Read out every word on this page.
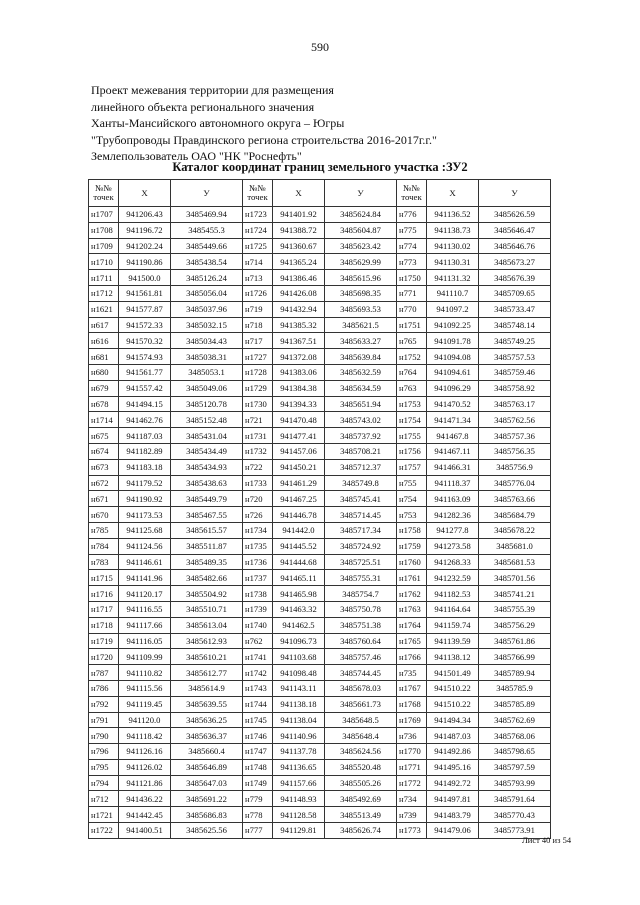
590
Проект межевания территории для размещения
линейного объекта регионального значения
Ханты-Мансийского автономного округа – Югры
"Трубопроводы Правдинского региона строительства 2016-2017г.г."
Землепользователь ОАО "НК "Роснефть"
Каталог координат границ земельного участка :ЗУ2
№№
точек	X	У	№№
точек	X	У	№№
точек	X	У
н1707	941206.43	3485469.94	н1723	941401.92	3485624.84	н776	941136.52	3485626.59
н1708	941196.72	3485455.3	н1724	941388.72	3485604.87	н775	941138.73	3485646.47
н1709	941202.24	3485449.66	н1725	941360.67	3485623.42	н774	941130.02	3485646.76
н1710	941190.86	3485438.54	н714	941365.24	3485629.99	н773	941130.31	3485673.27
н1711	941500.0	3485126.24	н713	941386.46	3485615.96	н1750	941131.32	3485676.39
н1712	941561.81	3485056.04	н1726	941426.08	3485698.35	н771	941110.7	3485709.65
н1621	941577.87	3485037.96	н719	941432.94	3485693.53	н770	941097.2	3485733.47
н617	941572.33	3485032.15	н718	941385.32	3485621.5	н1751	941092.25	3485748.14
н616	941570.32	3485034.43	н717	941367.51	3485633.27	н765	941091.78	3485749.25
н681	941574.93	3485038.31	н1727	941372.08	3485639.84	н1752	941094.08	3485757.53
н680	941561.77	3485053.1	н1728	941383.06	3485632.59	н764	941094.61	3485759.46
н679	941557.42	3485049.06	н1729	941384.38	3485634.59	н763	941096.29	3485758.92
н678	941494.15	3485120.78	н1730	941394.33	3485651.94	н1753	941470.52	3485763.17
н1714	941462.76	3485152.48	н721	941470.48	3485743.02	н1754	941471.34	3485762.56
н675	941187.03	3485431.04	н1731	941477.41	3485737.92	н1755	941467.8	3485757.36
н674	941182.89	3485434.49	н1732	941457.06	3485708.21	н1756	941467.11	3485756.35
н673	941183.18	3485434.93	н722	941450.21	3485712.37	н1757	941466.31	3485756.9
н672	941179.52	3485438.63	н1733	941461.29	3485749.8	н755	941118.37	3485776.04
н671	941190.92	3485449.79	н720	941467.25	3485745.41	н754	941163.09	3485763.66
н670	941173.53	3485467.55	н726	941446.78	3485714.45	н753	941282.36	3485684.79
н785	941125.68	3485615.57	н1734	941442.0	3485717.34	н1758	941277.8	3485678.22
н784	941124.56	3485511.87	н1735	941445.52	3485724.92	н1759	941273.58	3485681.0
н783	941146.61	3485489.35	н1736	941444.68	3485725.51	н1760	941268.33	3485681.53
н1715	941141.96	3485482.66	н1737	941465.11	3485755.31	н1761	941232.59	3485701.56
н1716	941120.17	3485504.92	н1738	941465.98	3485754.7	н1762	941182.53	3485741.21
н1717	941116.55	3485510.71	н1739	941463.32	3485750.78	н1763	941164.64	3485755.39
н1718	941117.66	3485613.04	н1740	941462.5	3485751.38	н1764	941159.74	3485756.29
н1719	941116.05	3485612.93	н762	941096.73	3485760.64	н1765	941139.59	3485761.86
н1720	941109.99	3485610.21	н1741	941103.68	3485757.46	н1766	941138.12	3485766.99
н787	941110.82	3485612.77	н1742	941098.48	3485744.45	н735	941501.49	3485789.94
н786	941115.56	3485614.9	н1743	941143.11	3485678.03	н1767	941510.22	3485785.9
н792	941119.45	3485639.55	н1744	941138.18	3485661.73	н1768	941510.22	3485785.89
н791	941120.0	3485636.25	н1745	941138.04	3485648.5	н1769	941494.34	3485762.69
н790	941118.42	3485636.37	н1746	941140.96	3485648.4	н736	941487.03	3485768.06
н796	941126.16	3485660.4	н1747	941137.78	3485624.56	н1770	941492.86	3485798.65
н795	941126.02	3485646.89	н1748	941136.65	3485520.48	н1771	941495.16	3485797.59
н794	941121.86	3485647.03	н1749	941157.66	3485505.26	н1772	941492.72	3485793.99
н712	941436.22	3485691.22	н779	941148.93	3485492.69	н734	941497.81	3485791.64
н1721	941442.45	3485686.83	н778	941128.58	3485513.49	н739	941483.79	3485770.43
н1722	941400.51	3485625.56	н777	941129.81	3485626.74	н1773	941479.06	3485773.91
Лист 40 из 54
